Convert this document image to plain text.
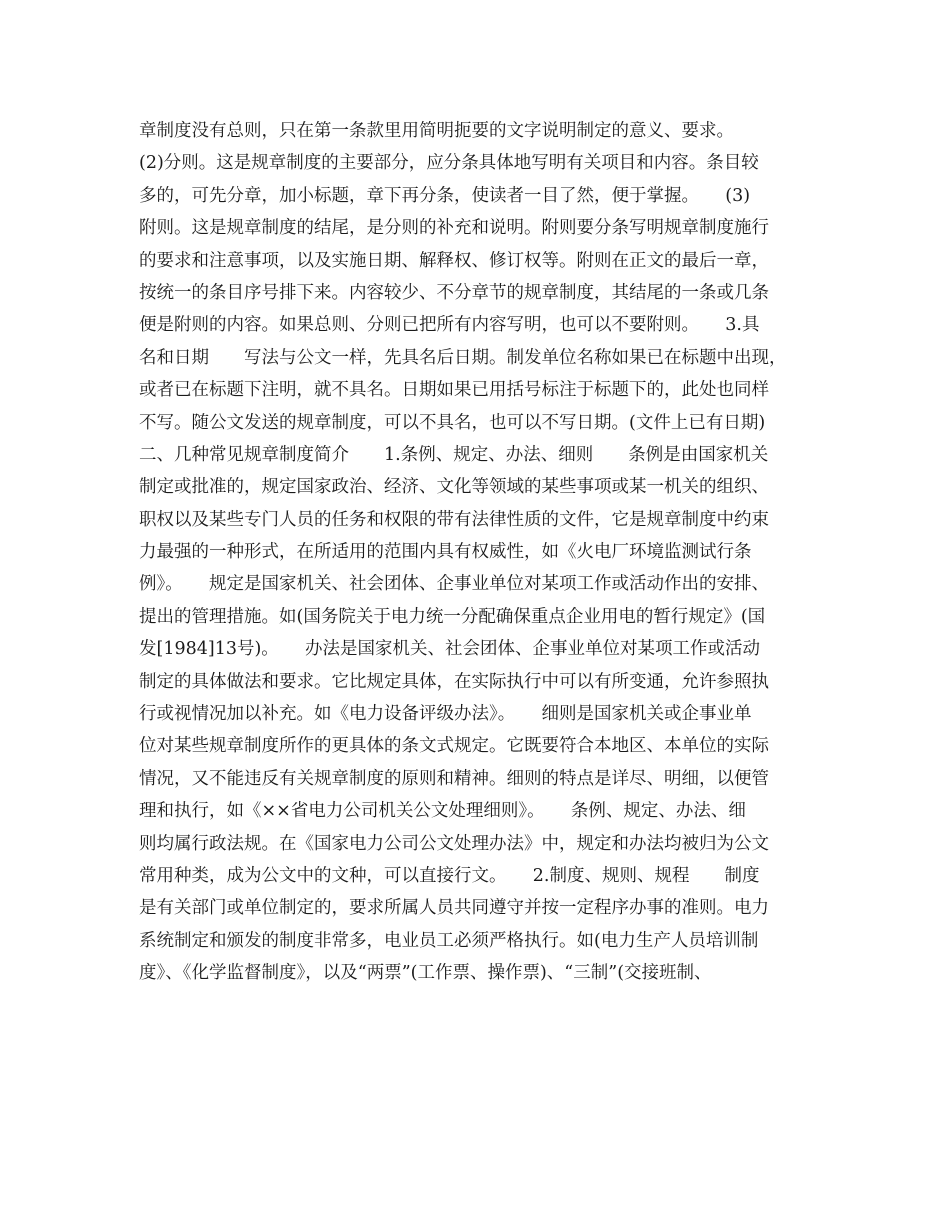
章制度没有总则，只在第一条款里用简明扼要的文字说明制定的意义、要求。
(2)分则。这是规章制度的主要部分，应分条具体地写明有关项目和内容。条目较
多的，可先分章，加小标题，章下再分条，使读者一目了然，便于掌握。　　(3)
附则。这是规章制度的结尾，是分则的补充和说明。附则要分条写明规章制度施行
的要求和注意事项，以及实施日期、解释权、修订权等。附则在正文的最后一章，
按统一的条目序号排下来。内容较少、不分章节的规章制度，其结尾的一条或几条
便是附则的内容。如果总则、分则已把所有内容写明，也可以不要附则。　　3.具
名和日期　　写法与公文一样，先具名后日期。制发单位名称如果已在标题中出现，
或者已在标题下注明，就不具名。日期如果已用括号标注于标题下的，此处也同样
不写。随公文发送的规章制度，可以不具名，也可以不写日期。(文件上已有日期)
二、几种常见规章制度简介　　1.条例、规定、办法、细则　　条例是由国家机关
制定或批准的，规定国家政治、经济、文化等领域的某些事项或某一机关的组织、
职权以及某些专门人员的任务和权限的带有法律性质的文件，它是规章制度中约束
力最强的一种形式，在所适用的范围内具有权威性，如《火电厂环境监测试行条
例》。　　规定是国家机关、社会团体、企事业单位对某项工作或活动作出的安排、
提出的管理措施。如(国务院关于电力统一分配确保重点企业用电的暂行规定》(国
发[1984]13号)。　　办法是国家机关、社会团体、企事业单位对某项工作或活动
制定的具体做法和要求。它比规定具体，在实际执行中可以有所变通，允许参照执
行或视情况加以补充。如《电力设备评级办法》。　　细则是国家机关或企事业单
位对某些规章制度所作的更具体的条文式规定。它既要符合本地区、本单位的实际
情况，又不能违反有关规章制度的原则和精神。细则的特点是详尽、明细，以便管
理和执行，如《××省电力公司机关公文处理细则》。　　条例、规定、办法、细
则均属行政法规。在《国家电力公司公文处理办法》中，规定和办法均被归为公文
常用种类，成为公文中的文种，可以直接行文。　　2.制度、规则、规程　　制度
是有关部门或单位制定的，要求所属人员共同遵守并按一定程序办事的准则。电力
系统制定和颁发的制度非常多，电业员工必须严格执行。如(电力生产人员培训制
度》、《化学监督制度》，以及“两票”(工作票、操作票)、“三制”(交接班制、
